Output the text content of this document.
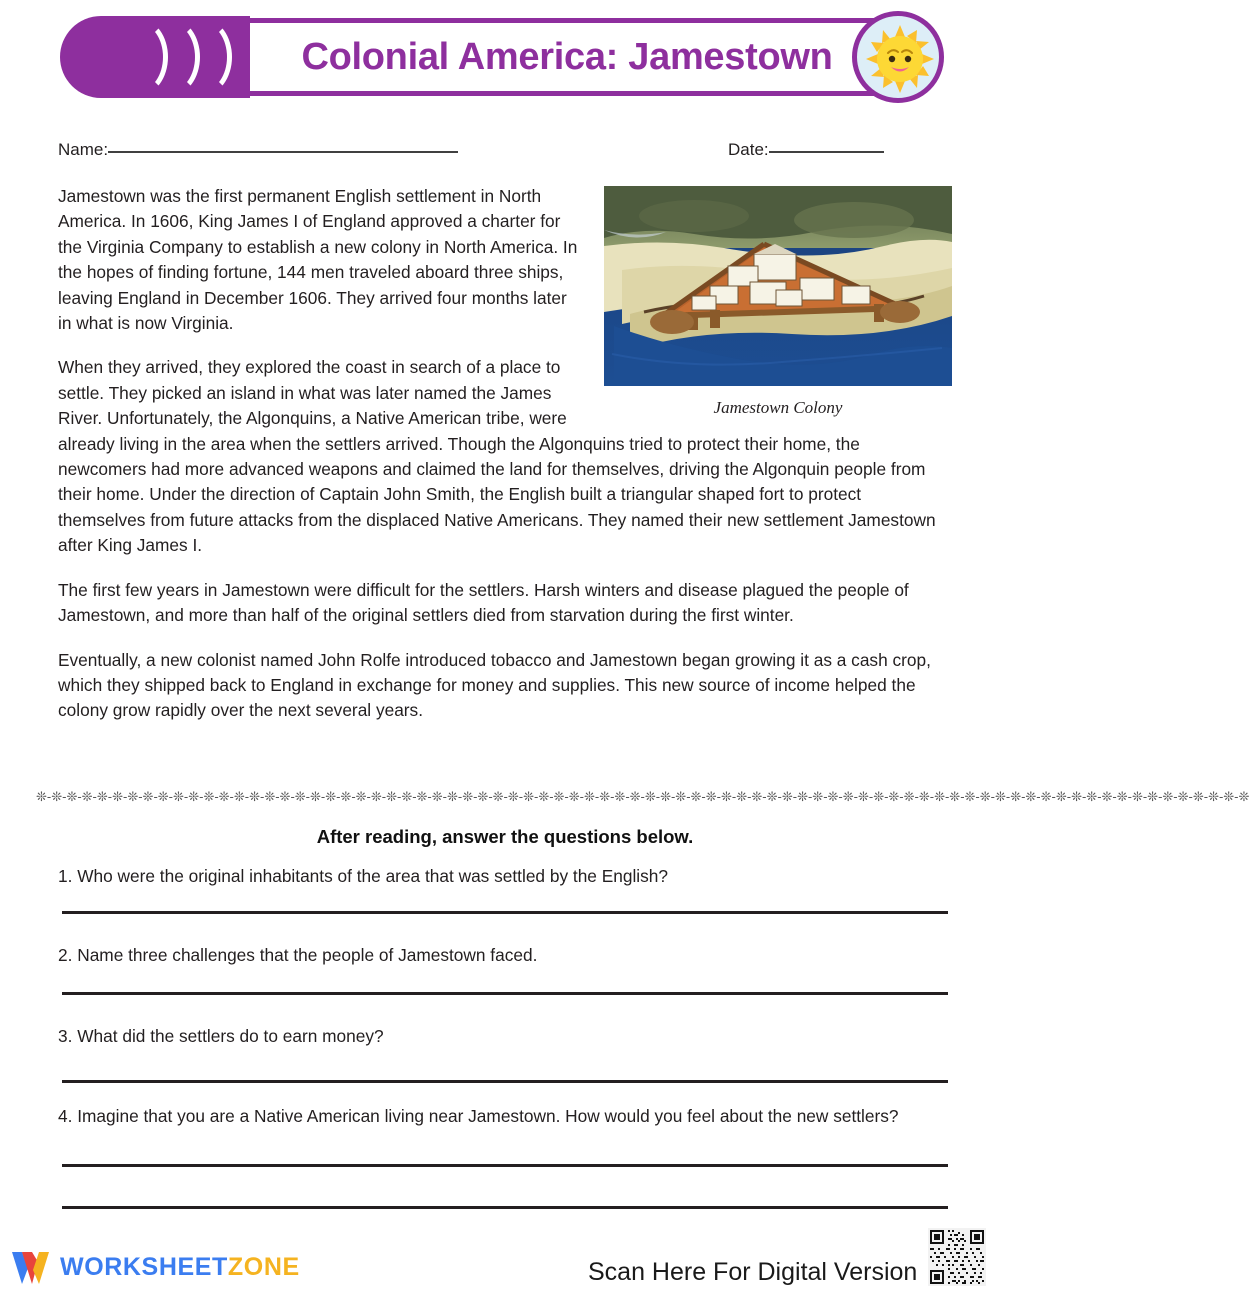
Colonial America: Jamestown
Name:	Date:
Jamestown Colony

Jamestown was the first permanent English settlement in North America. In 1606, King James I of England approved a charter for the Virginia Company to establish a new colony in North America. In the hopes of finding fortune, 144 men traveled aboard three ships, leaving England in December 1606. They arrived four months later in what is now Virginia.

When they arrived, they explored the coast in search of a place to settle. They picked an island in what was later named the James River. Unfortunately, the Algonquins, a Native American tribe, were already living in the area when the settlers arrived. Though the Algonquins tried to protect their home, the newcomers had more advanced weapons and claimed the land for themselves, driving the Algonquin people from their home. Under the direction of Captain John Smith, the English built a triangular shaped fort to protect themselves from future attacks from the displaced Native Americans. They named their new settlement Jamestown after King James I.

The first few years in Jamestown were difficult for the settlers. Harsh winters and disease plagued the people of Jamestown, and more than half of the original settlers died from starvation during the first winter.

Eventually, a new colonist named John Rolfe introduced tobacco and Jamestown began growing it as a cash crop, which they shipped back to England in exchange for money and supplies. This new source of income helped the colony grow rapidly over the next several years.

❊-❊-❊-❊-❊-❊-❊-❊-❊-❊-❊-❊-❊-❊-❊-❊-❊-❊-❊-❊-❊-❊-❊-❊-❊-❊-❊-❊-❊-❊-❊-❊-❊-❊-❊-❊-❊-❊-❊-❊-❊-❊-❊-❊-❊-❊-❊-❊-❊-❊-❊-❊-❊-❊-❊-❊-❊-❊-❊-❊-❊-❊-❊-❊-❊-❊-❊-❊-❊-❊-❊-❊-❊-❊-❊-❊-❊-❊-❊-❊
After reading, answer the questions below.
1. Who were the original inhabitants of the area that was settled by the English?
2. Name three challenges that the people of Jamestown faced.
3. What did the settlers do to earn money?
4. Imagine that you are a Native American living near Jamestown. How would you feel about the new settlers?
WORKSHEETZONE	Scan Here For Digital Version
